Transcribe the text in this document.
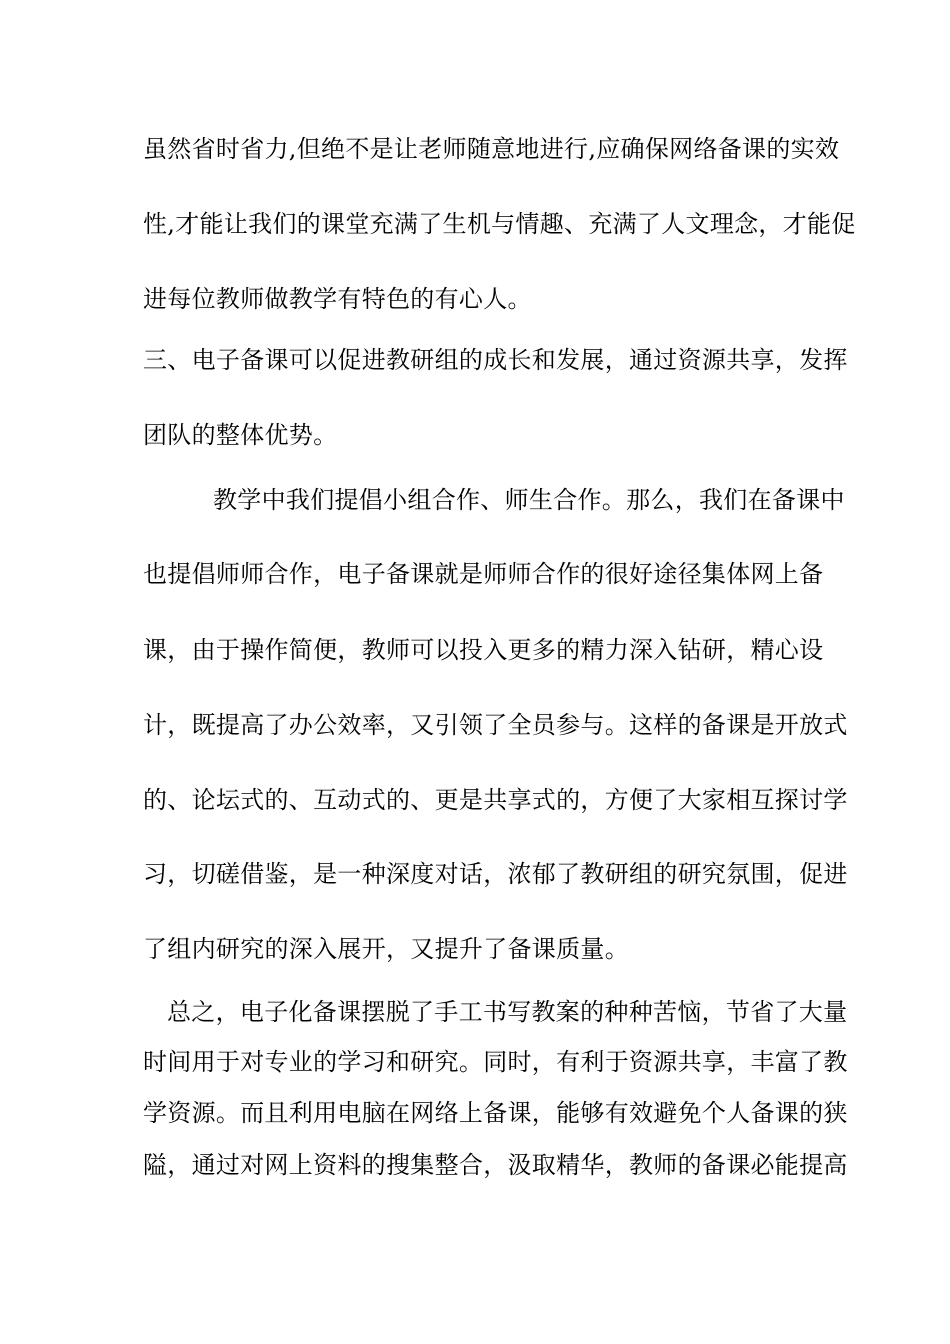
虽然省时省力,但绝不是让老师随意地进行,应确保网络备课的实效
性,才能让我们的课堂充满了生机与情趣、充满了人文理念，才能促
进每位教师做教学有特色的有心人。
三、电子备课可以促进教研组的成长和发展，通过资源共享，发挥
团队的整体优势。
教学中我们提倡小组合作、师生合作。那么，我们在备课中
也提倡师师合作，电子备课就是师师合作的很好途径集体网上备
课，由于操作简便，教师可以投入更多的精力深入钻研，精心设
计，既提高了办公效率，又引领了全员参与。这样的备课是开放式
的、论坛式的、互动式的、更是共享式的，方便了大家相互探讨学
习，切磋借鉴，是一种深度对话，浓郁了教研组的研究氛围，促进
了组内研究的深入展开，又提升了备课质量。
总之，电子化备课摆脱了手工书写教案的种种苦恼，节省了大量
时间用于对专业的学习和研究。同时，有利于资源共享，丰富了教
学资源。而且利用电脑在网络上备课，能够有效避免个人备课的狭
隘，通过对网上资料的搜集整合，汲取精华，教师的备课必能提高
